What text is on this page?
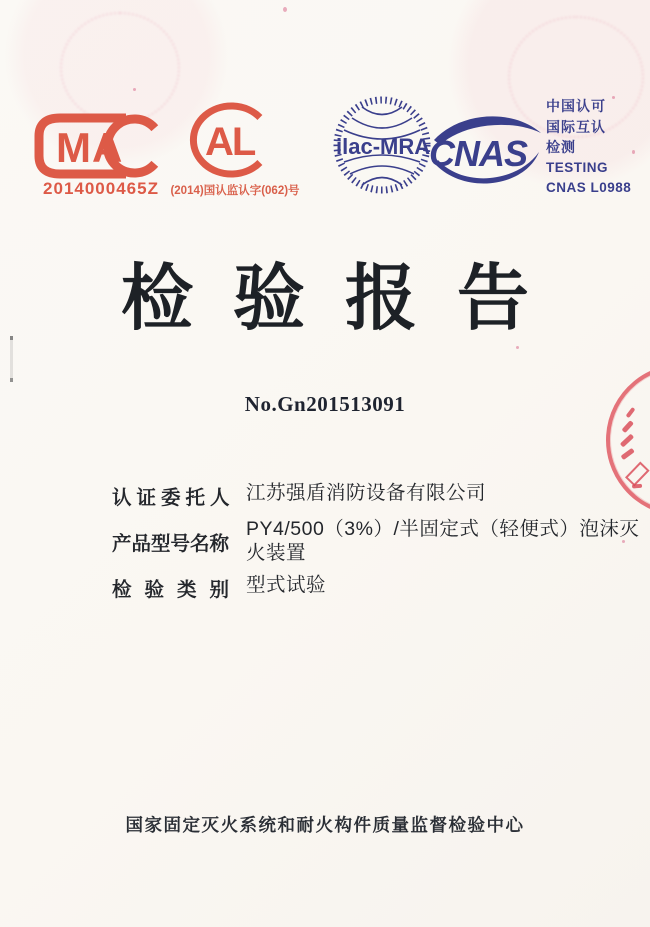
MA
2014000465Z
AL
(2014)国认监认字(062)号
ilac-MRA
CNAS
中国认可
国际互认
检测
TESTING
CNAS L0988
检验报告
No.Gn201513091
认证委托人 江苏强盾消防设备有限公司
产品型号名称
PY4/500（3%）/半固定式（轻便式）泡沫灭火装置
检验类别 型式试验
国家固定灭火系统和耐火构件质量监督检验中心
